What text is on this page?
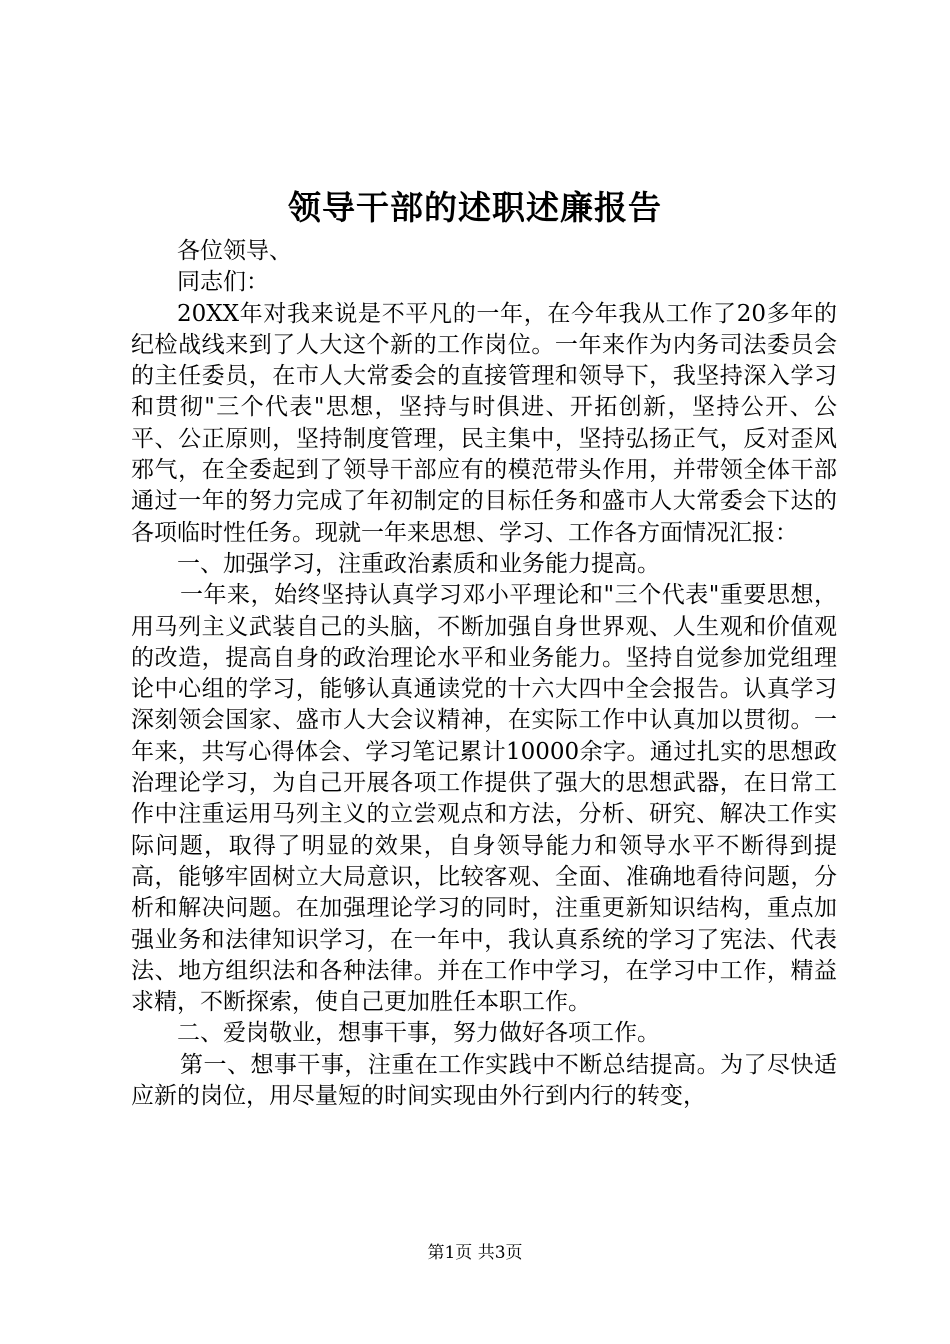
领导干部的述职述廉报告

各位领导、

同志们：

20XX年对我来说是不平凡的一年，在今年我从工作了20多年的纪检战线来到了人大这个新的工作岗位。一年来作为内务司法委员会的主任委员，在市人大常委会的直接管理和领导下，我坚持深入学习和贯彻"三个代表"思想，坚持与时俱进、开拓创新，坚持公开、公平、公正原则，坚持制度管理，民主集中，坚持弘扬正气，反对歪风邪气，在全委起到了领导干部应有的模范带头作用，并带领全体干部通过一年的努力完成了年初制定的目标任务和盛市人大常委会下达的各项临时性任务。现就一年来思想、学习、工作各方面情况汇报：

一、加强学习，注重政治素质和业务能力提高。

一年来，始终坚持认真学习邓小平理论和"三个代表"重要思想，用马列主义武装自己的头脑，不断加强自身世界观、人生观和价值观的改造，提高自身的政治理论水平和业务能力。坚持自觉参加党组理论中心组的学习，能够认真通读党的十六大四中全会报告。认真学习深刻领会国家、盛市人大会议精神，在实际工作中认真加以贯彻。一年来，共写心得体会、学习笔记累计10000余字。通过扎实的思想政治理论学习，为自己开展各项工作提供了强大的思想武器，在日常工作中注重运用马列主义的立尝观点和方法，分析、研究、解决工作实际问题，取得了明显的效果，自身领导能力和领导水平不断得到提高，能够牢固树立大局意识，比较客观、全面、准确地看待问题，分析和解决问题。在加强理论学习的同时，注重更新知识结构，重点加强业务和法律知识学习，在一年中，我认真系统的学习了宪法、代表法、地方组织法和各种法律。并在工作中学习，在学习中工作，精益求精，不断探索，使自己更加胜任本职工作。

二、爱岗敬业，想事干事，努力做好各项工作。

第一、想事干事，注重在工作实践中不断总结提高。为了尽快适应新的岗位，用尽量短的时间实现由外行到内行的转变，

第1页 共3页
